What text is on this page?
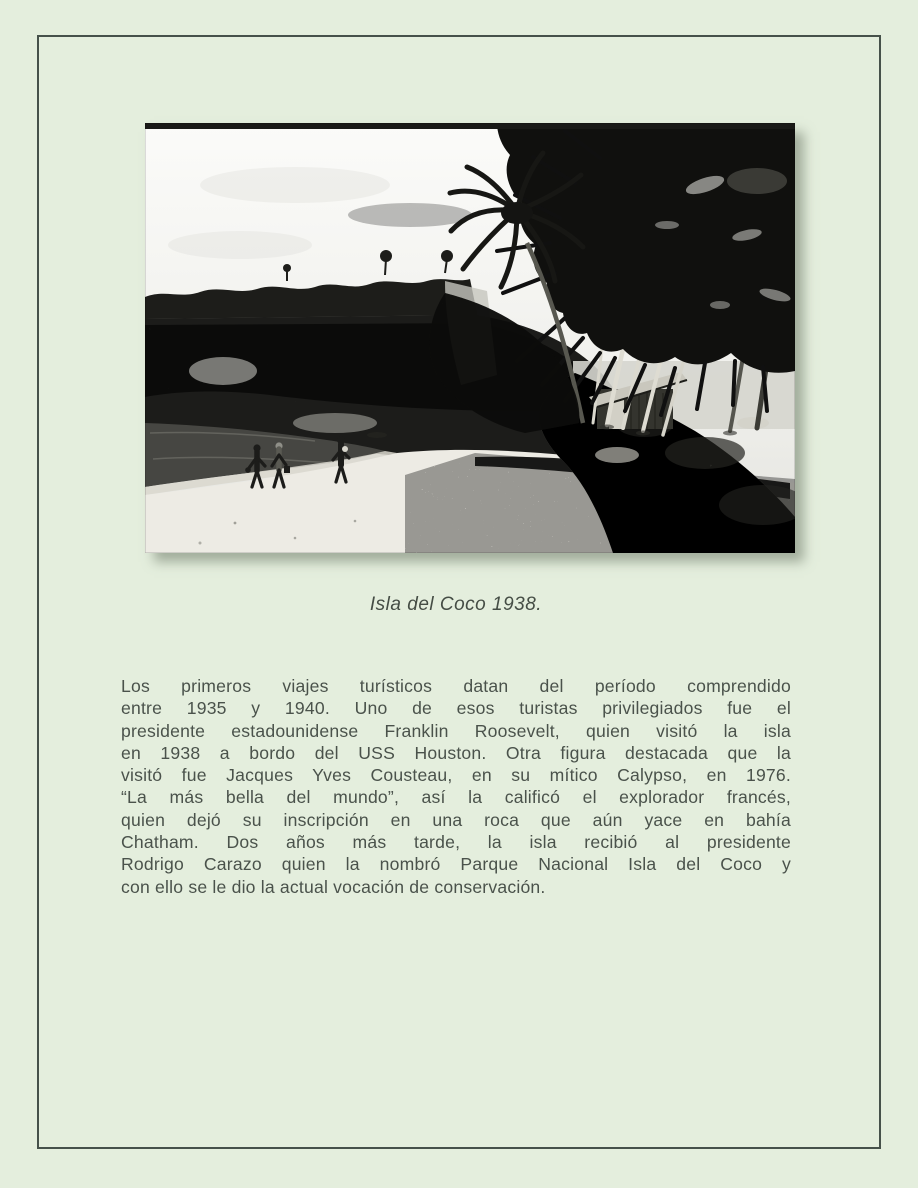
Isla del Coco 1938.
Los primeros viajes turísticos datan del período comprendido
entre 1935 y 1940. Uno de esos turistas privilegiados fue el
presidente estadounidense Franklin Roosevelt, quien visitó la isla
en 1938 a bordo del USS Houston. Otra figura destacada que la
visitó fue Jacques Yves Cousteau, en su mítico Calypso, en 1976.
“La más bella del mundo”, así la calificó el explorador francés,
quien dejó su inscripción en una roca que aún yace en bahía
Chatham. Dos años más tarde, la isla recibió al presidente
Rodrigo Carazo quien la nombró Parque Nacional Isla del Coco y
con ello se le dio la actual vocación de conservación.
